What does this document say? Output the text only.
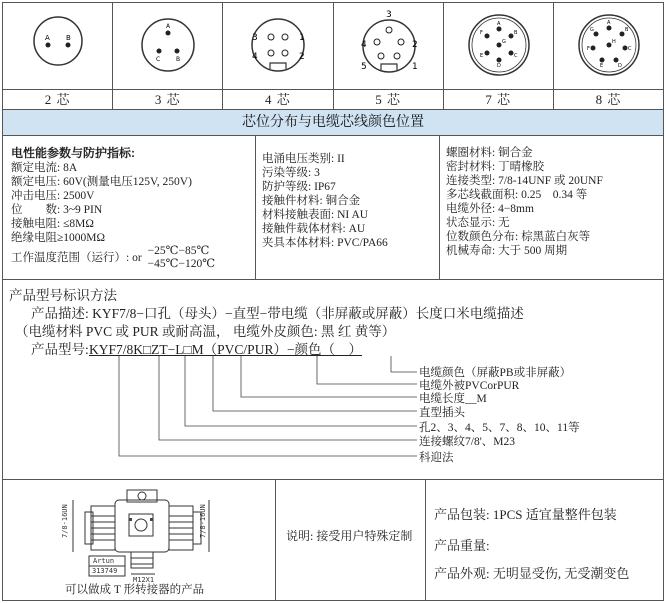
A B
2 芯
A
B
C
3 芯
1
2
3
4
4 芯
1
2
3
4
5
5 芯
A
B
C
D
E
F
G
7 芯
A
B
C
D
E
F
G
H
8 芯
芯位分布与电缆芯线颜色位置
电性能参数与防护指标:
额定电流: 8A
额定电压: 60V(测量电压125V, 250V)
冲击电压: 2500V
位　　数: 3~9 PIN
接触电阻: ≤8MΩ
绝缘电阻≥1000MΩ
工作温度范围（运行）: or
−25℃−85℃
−45℃−120℃
电涌电压类别: II
污染等级: 3
防护等级: IP67
接触件材料: 铜合金
材料接触表面: NI AU
接触件载体材料: AU
夹具本体材料: PVC/PA66
螺圈材料: 铜合金
密封材料: 丁晴橡胶
连接类型: 7/8-14UNF 或 20UNF
多芯线截面积: 0.25　0.34 等
电缆外径: 4−8mm
状态显示: 无
位数颜色分布: 棕黑蓝白灰等
机械寿命: 大于 500 周期
产品型号标识方法
产品描述: KYF7/8−口孔（母头）−直型−带电缆（非屏蔽或屏蔽）长度口米电缆描述
（电缆材料 PVC 或 PUR 或耐高温， 电缆外皮颜色: 黑 红 黄等）
产品型号: KYF7/8K□ZT−L□M（PVC/PUR）−颜色（　）
电缆颜色（屏蔽PB或非屏蔽）
电缆外被PVCorPUR
电缆长度__M
直型插头
孔2、3、4、5、7、8、10、11等
连接螺纹7/8'、M23
科迎法
7/8-16UN	7/8-16UN
Artun
313749
M12X1
可以做成 T 形转接器的产品
说明: 接受用户特殊定制
产品包装: 1PCS 适宜量整件包装
产品重量:
产品外观: 无明显受伤, 无受潮变色
